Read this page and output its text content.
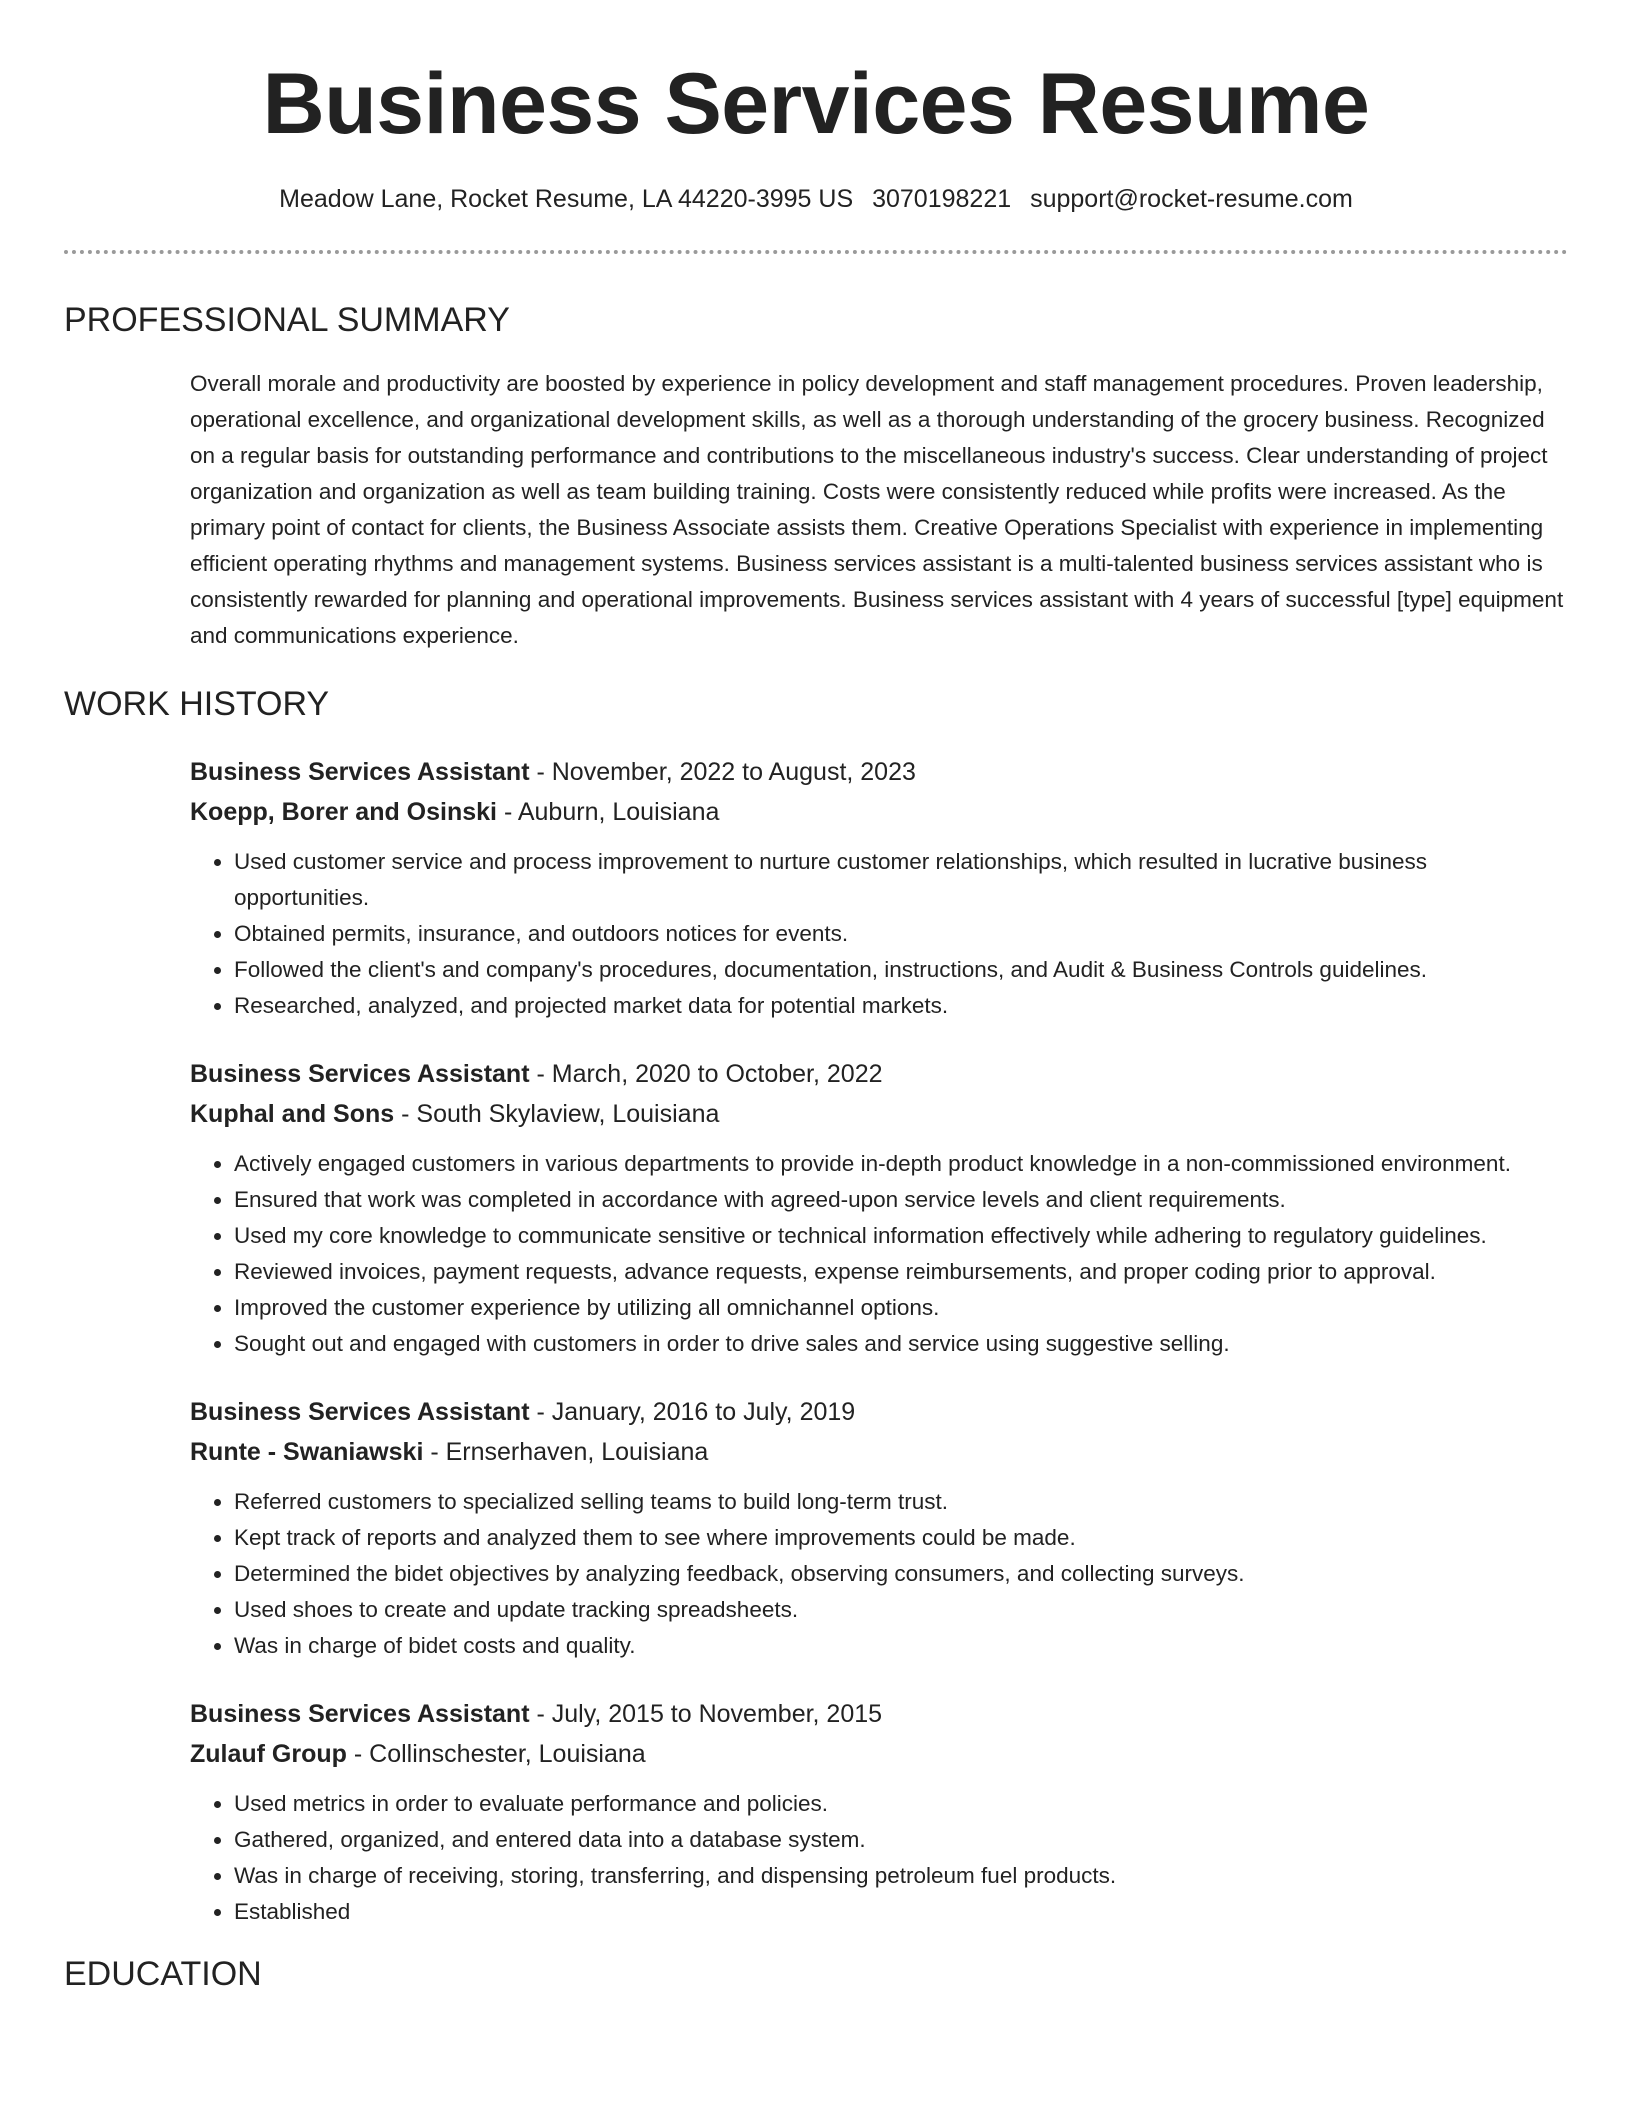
Business Services Resume
Meadow Lane, Rocket Resume, LA 44220-3995 US 3070198221 support@rocket-resume.com
PROFESSIONAL SUMMARY

Overall morale and productivity are boosted by experience in policy development and staff management procedures. Proven leadership, operational excellence, and organizational development skills, as well as a thorough understanding of the grocery business. Recognized on a regular basis for outstanding performance and contributions to the miscellaneous industry's success. Clear understanding of project organization and organization as well as team building training. Costs were consistently reduced while profits were increased. As the primary point of contact for clients, the Business Associate assists them. Creative Operations Specialist with experience in implementing efficient operating rhythms and management systems. Business services assistant is a multi-talented business services assistant who is consistently rewarded for planning and operational improvements. Business services assistant with 4 years of successful [type] equipment and communications experience.

WORK HISTORY
Business Services Assistant - November, 2022 to August, 2023
Koepp, Borer and Osinski - Auburn, Louisiana
• Used customer service and process improvement to nurture customer relationships, which resulted in lucrative business opportunities.
• Obtained permits, insurance, and outdoors notices for events.
• Followed the client's and company's procedures, documentation, instructions, and Audit & Business Controls guidelines.
• Researched, analyzed, and projected market data for potential markets.
Business Services Assistant - March, 2020 to October, 2022
Kuphal and Sons - South Skylaview, Louisiana
• Actively engaged customers in various departments to provide in-depth product knowledge in a non-commissioned environment.
• Ensured that work was completed in accordance with agreed-upon service levels and client requirements.
• Used my core knowledge to communicate sensitive or technical information effectively while adhering to regulatory guidelines.
• Reviewed invoices, payment requests, advance requests, expense reimbursements, and proper coding prior to approval.
• Improved the customer experience by utilizing all omnichannel options.
• Sought out and engaged with customers in order to drive sales and service using suggestive selling.
Business Services Assistant - January, 2016 to July, 2019
Runte - Swaniawski - Ernserhaven, Louisiana
• Referred customers to specialized selling teams to build long-term trust.
• Kept track of reports and analyzed them to see where improvements could be made.
• Determined the bidet objectives by analyzing feedback, observing consumers, and collecting surveys.
• Used shoes to create and update tracking spreadsheets.
• Was in charge of bidet costs and quality.
Business Services Assistant - July, 2015 to November, 2015
Zulauf Group - Collinschester, Louisiana
• Used metrics in order to evaluate performance and policies.
• Gathered, organized, and entered data into a database system.
• Was in charge of receiving, storing, transferring, and dispensing petroleum fuel products.
• Established
EDUCATION
